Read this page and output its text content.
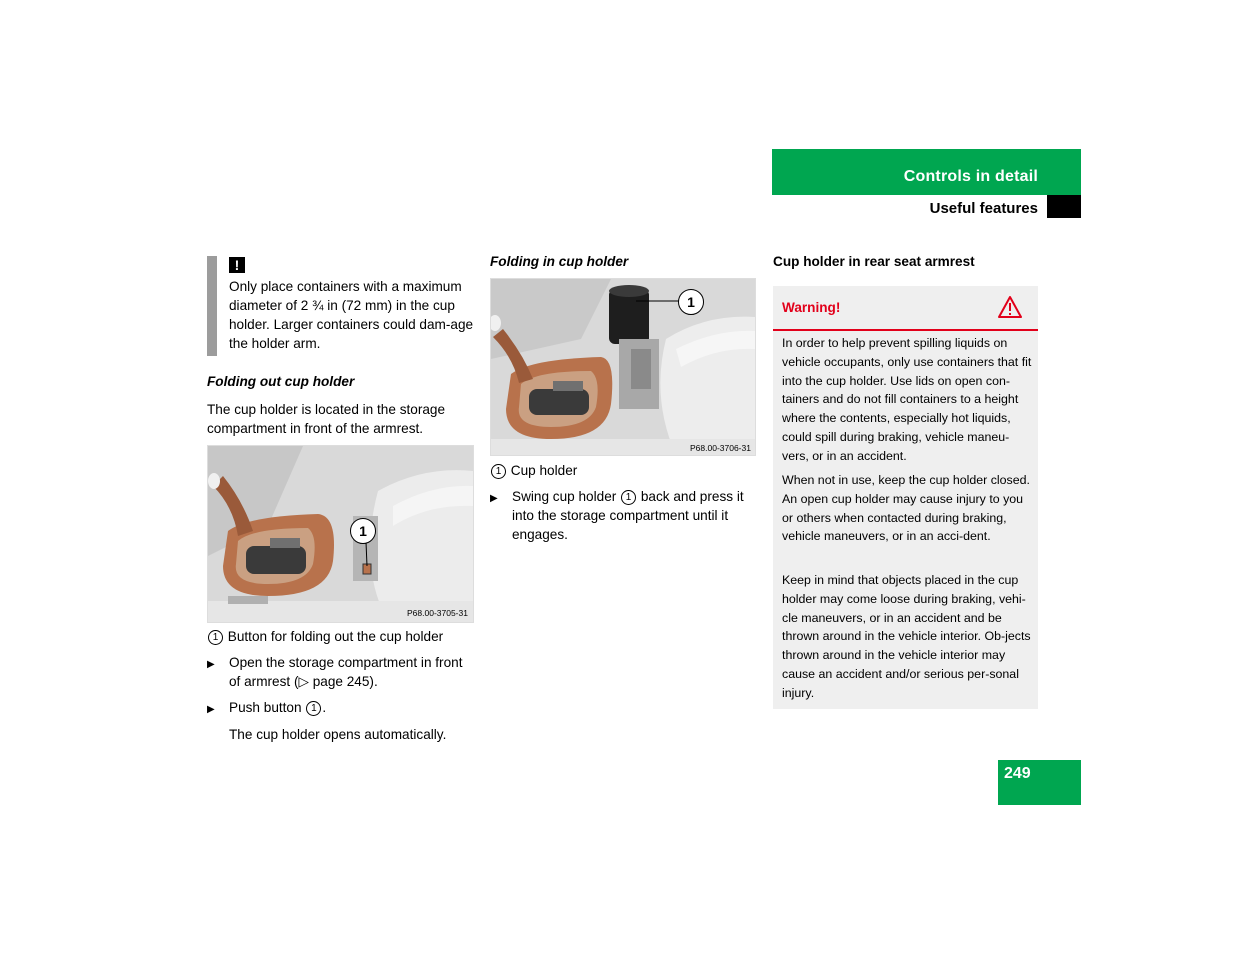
Controls in detail
Useful features
!
Only place containers with a maximum diameter of 2 ¾ in (72 mm) in the cup holder. Larger containers could dam-age the holder arm.
Folding out cup holder
The cup holder is located in the storage compartment in front of the armrest.
1
P68.00-3705-31
1 Button for folding out the cup holder
▶ Open the storage compartment in front of armrest (▷ page 245).
▶ Push button 1 .
The cup holder opens automatically.
Folding in cup holder
1
P68.00-3706-31
1 Cup holder
▶ Swing cup holder 1 back and press it into the storage compartment until it engages.
Cup holder in rear seat armrest
Warning!
In order to help prevent spilling liquids on vehicle occupants, only use containers that fit into the cup holder. Use lids on open con-tainers and do not fill containers to a height where the contents, especially hot liquids, could spill during braking, vehicle maneu-vers, or in an accident.
When not in use, keep the cup holder closed. An open cup holder may cause injury to you or others when contacted during braking, vehicle maneuvers, or in an acci-dent.
Keep in mind that objects placed in the cup holder may come loose during braking, vehi-cle maneuvers, or in an accident and be thrown around in the vehicle interior. Ob-jects thrown around in the vehicle interior may cause an accident and/or serious per-sonal injury.
249
